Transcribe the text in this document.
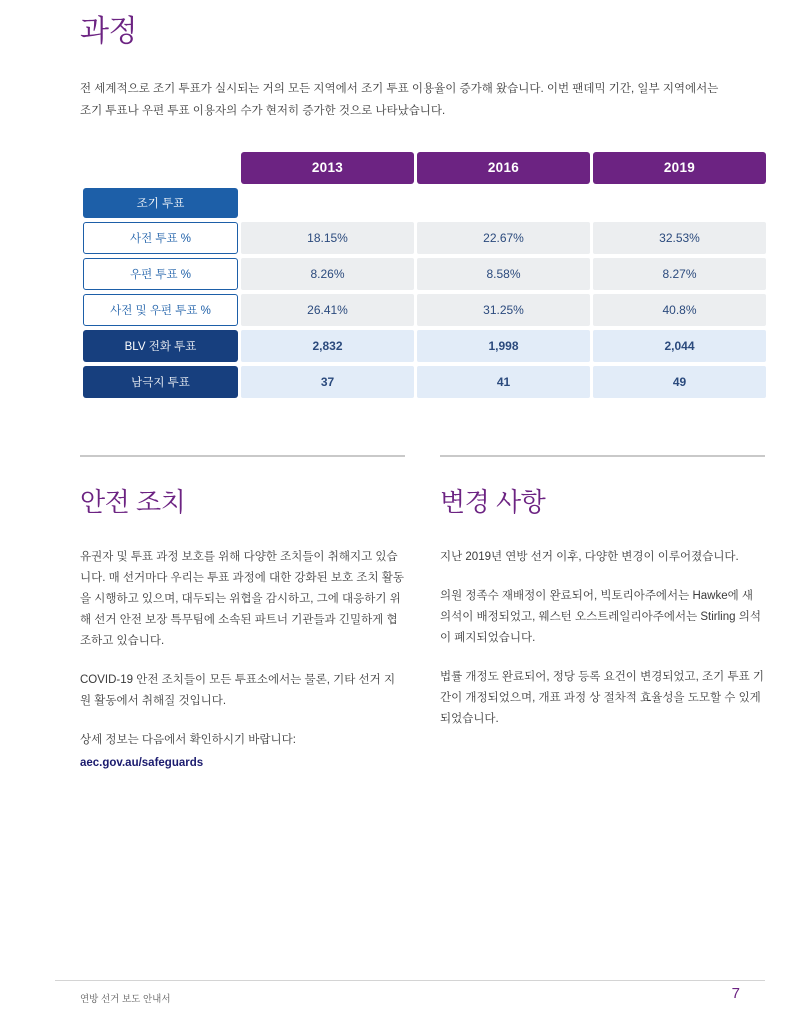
과정
전 세계적으로 조기 투표가 실시되는 거의 모든 지역에서 조기 투표 이용율이 증가해 왔습니다. 이번 팬데믹 기간, 일부 지역에서는 조기 투표나 우편 투표 이용자의 수가 현저히 증가한 것으로 나타났습니다.
	2013	2016	2019
조기 투표			
사전 투표 %	18.15%	22.67%	32.53%
우편 투표 %	8.26%	8.58%	8.27%
사전 및 우편 투표 %	26.41%	31.25%	40.8%
BLV 전화 투표	2,832	1,998	2,044
남극지 투표	37	41	49
안전 조치

유권자 및 투표 과정 보호를 위해 다양한 조치들이 취해지고 있습니다. 매 선거마다 우리는 투표 과정에 대한 강화된 보호 조치 활동을 시행하고 있으며, 대두되는 위협을 감시하고, 그에 대응하기 위해 선거 안전 보장 특무팀에 소속된 파트너 기관들과 긴밀하게 협조하고 있습니다.

COVID-19 안전 조치들이 모든 투표소에서는 물론, 기타 선거 지원 활동에서 취해질 것입니다.

상세 정보는 다음에서 확인하시기 바랍니다:

aec.gov.au/safeguards
변경 사항

지난 2019년 연방 선거 이후, 다양한 변경이 이루어졌습니다.

의원 정족수 재배정이 완료되어, 빅토리아주에서는 Hawke에 새 의석이 배정되었고, 웨스턴 오스트레일리아주에서는 Stirling 의석이 폐지되었습니다.

법률 개정도 완료되어, 정당 등록 요건이 변경되었고, 조기 투표 기간이 개정되었으며, 개표 과정 상 절차적 효율성을 도모할 수 있게 되었습니다.

연방 선거 보도 안내서	7
